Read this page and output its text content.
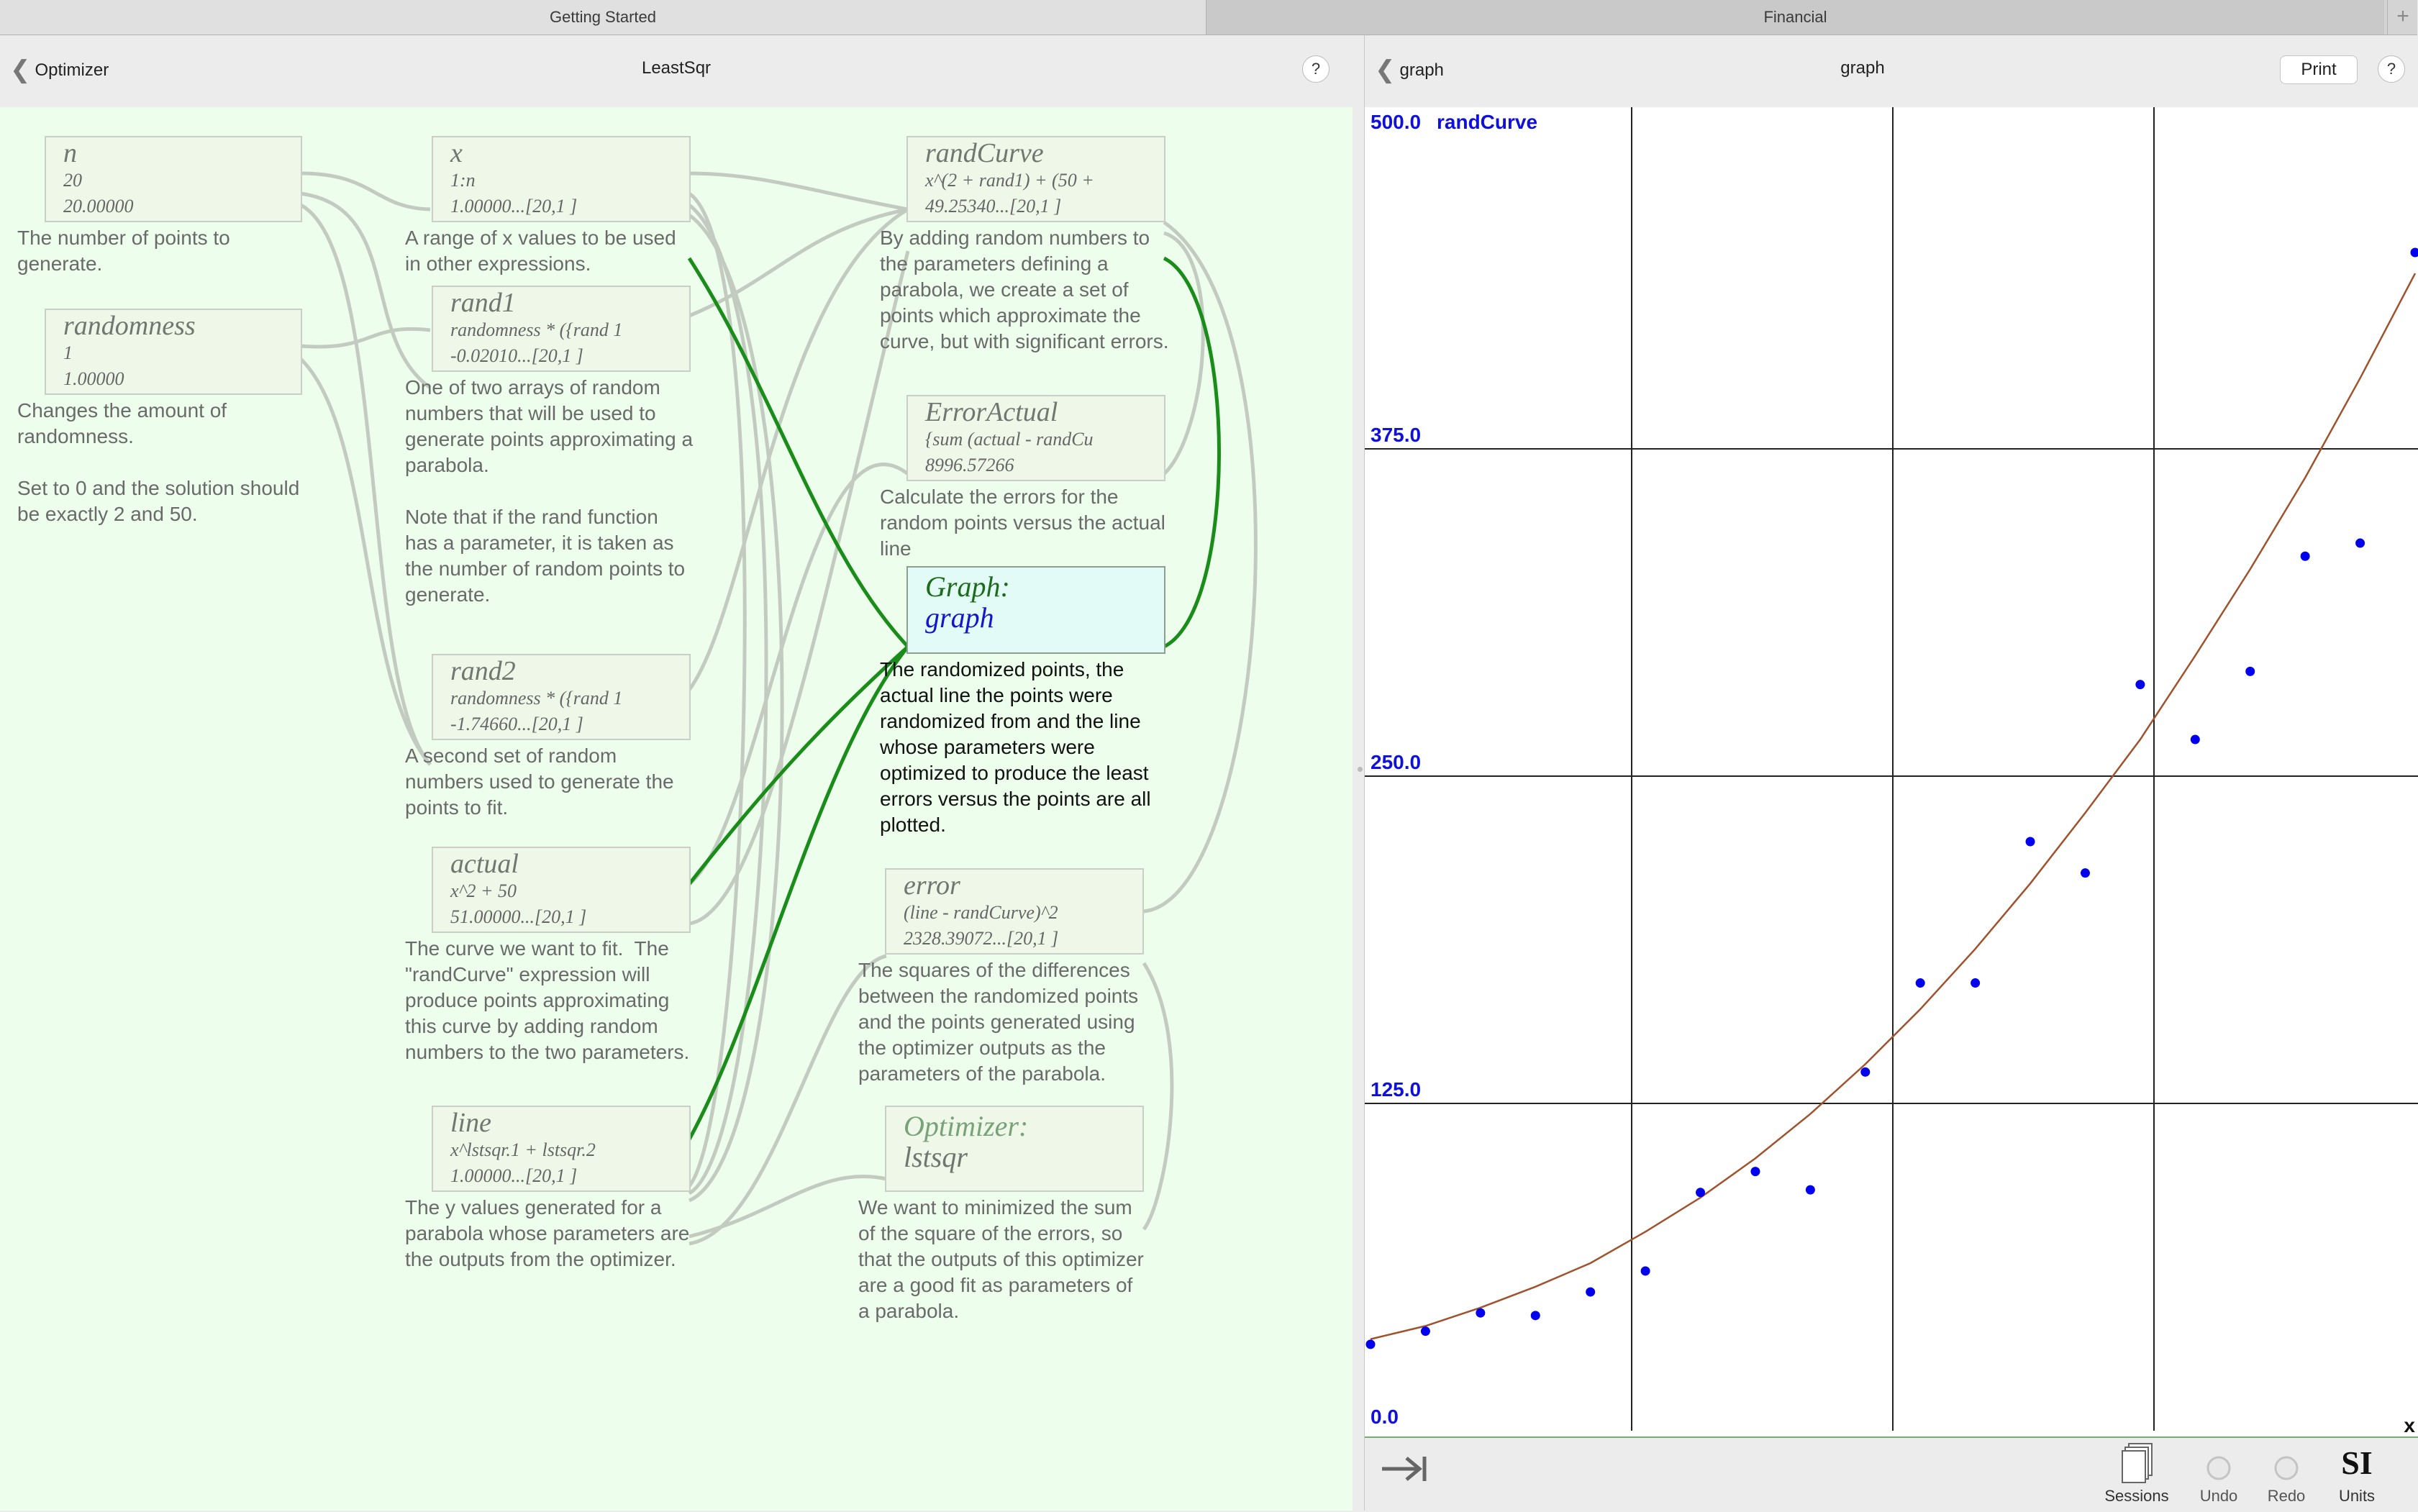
Getting Started	Financial	+
❮ Optimizer	LeastSqr	?
n
20
20.00000
The number of points to
generate.
randomness
1
1.00000
Changes the amount of
randomness.

Set to 0 and the solution should
be exactly 2 and 50.
x
1:n
1.00000...[20,1 ]
A range of x values to be used
in other expressions.
rand1
randomness * ({rand 1
-0.02010...[20,1 ]
One of two arrays of random
numbers that will be used to
generate points approximating a
parabola.

Note that if the rand function
has a parameter, it is taken as
the number of random points to
generate.
rand2
randomness * ({rand 1
-1.74660...[20,1 ]
A second set of random
numbers used to generate the
points to fit.
actual
x^2 + 50
51.00000...[20,1 ]
The curve we want to fit.  The
"randCurve" expression will
produce points approximating
this curve by adding random
numbers to the two parameters.
line
x^lstsqr.1 + lstsqr.2
1.00000...[20,1 ]
The y values generated for a
parabola whose parameters are
the outputs from the optimizer.
randCurve
x^(2 + rand1) + (50 +
49.25340...[20,1 ]
By adding random numbers to
the parameters defining a
parabola, we create a set of
points which approximate the
curve, but with significant errors.
ErrorActual
{sum (actual - randCu
8996.57266
Calculate the errors for the
random points versus the actual
line
Graph:
graph
The randomized points, the
actual line the points were
randomized from and the line
whose parameters were
optimized to produce the least
errors versus the points are all
plotted.
error
(line - randCurve)^2
2328.39072...[20,1 ]
The squares of the differences
between the randomized points
and the points generated using
the optimizer outputs as the
parameters of the parabola.
Optimizer:
lstsqr
We want to minimized the sum
of the square of the errors, so
that the outputs of this optimizer
are a good fit as parameters of
a parabola.
❮ graph	graph	Print	?
0.0
125.0
250.0
375.0
500.0 randCurve
x
Sessions	Undo	Redo
SI
Units
